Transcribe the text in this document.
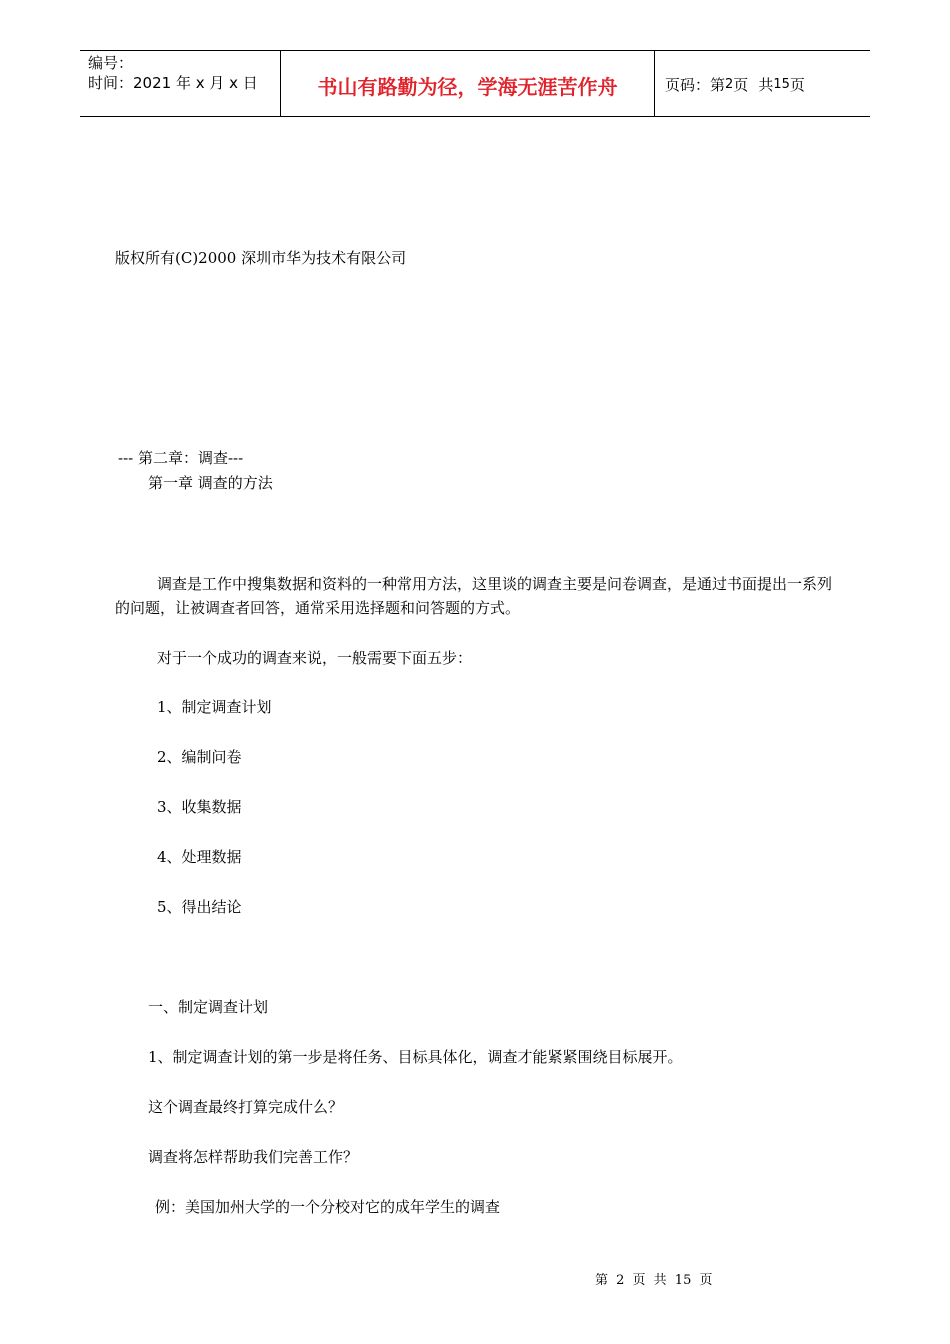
编号：
时间：2021 年 x 月 x 日	书山有路勤为径，学海无涯苦作舟	页码：第 2 页 共 15 页
版权所有(C)2000 深圳市华为技术有限公司
--- 第二章：调查---
第一章 调查的方法
调查是工作中搜集数据和资料的一种常用方法，这里谈的调查主要是问卷调查，是通过书面提出一系列的问题，让被调查者回答，通常采用选择题和问答题的方式。
对于一个成功的调查来说，一般需要下面五步：
1、制定调查计划
2、编制问卷
3、收集数据
4、处理数据
5、得出结论
一、制定调查计划
1、制定调查计划的第一步是将任务、目标具体化，调查才能紧紧围绕目标展开。
这个调查最终打算完成什么？
调查将怎样帮助我们完善工作？
例：美国加州大学的一个分校对它的成年学生的调查
第 2 页 共 15 页
